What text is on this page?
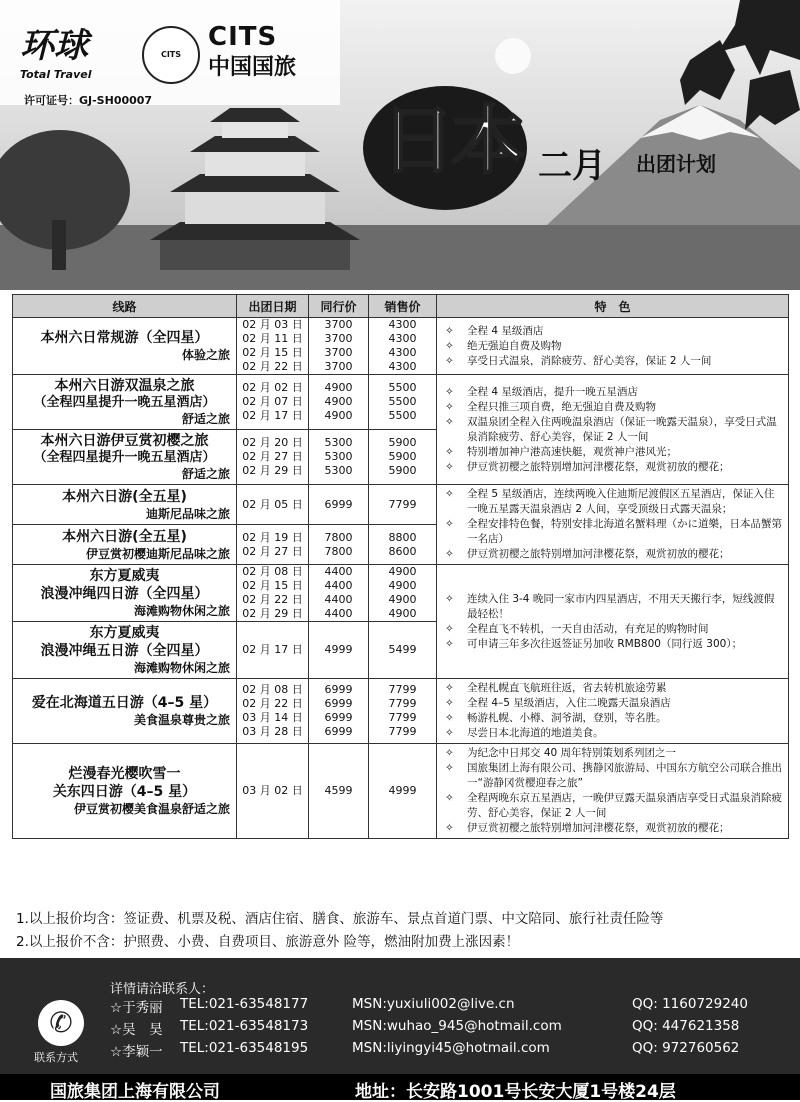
环球
Total Travel
CITS
CITS
中国国旅
许可证号：GJ-SH00007	日本 二月 出团计划
线路	出团日期	同行价	销售价	特　色

本州六日常规游（全四星）
体验之旅	02 月 03 日
02 月 11 日
02 月 15 日
02 月 22 日	3700
3700
3700
3700	4300
4300
4300
4300	✧ 全程 4 星级酒店
✧ 绝无强迫自费及购物
✧ 享受日式温泉，消除疲劳、舒心美容，保证 2 人一间

本州六日游双温泉之旅
（全程四星提升一晚五星酒店）
舒适之旅	02 月 02 日
02 月 07 日
02 月 17 日	4900
4900
4900	5500
5500
5500	✧ 全程 4 星级酒店，提升一晚五星酒店
✧ 全程只推三项自费，绝无强迫自费及购物
✧ 双温泉团全程入住两晚温泉酒店（保证一晚露天温泉），享受日式温泉消除疲劳、舒心美容，保证 2 人一间
✧ 特别增加神户港高速快艇，观赏神户港风光；
✧ 伊豆赏初樱之旅特别增加河津樱花祭，观赏初放的樱花；

本州六日游伊豆赏初樱之旅
（全程四星提升一晚五星酒店）
舒适之旅	02 月 20 日
02 月 27 日
02 月 29 日	5300
5300
5300	5900
5900
5900	

本州六日游(全五星)
迪斯尼品味之旅	02 月 05 日	6999	7799	✧ 全程 5 星级酒店，连续两晚入住迪斯尼渡假区五星酒店，保证入住一晚五星露天温泉酒店 2 人间，享受顶级日式露天温泉；
✧ 全程安排特色餐，特别安排北海道名蟹料理（かに道樂，日本品蟹第一名店）
✧ 伊豆赏初樱之旅特别增加河津樱花祭，观赏初放的樱花；

本州六日游(全五星)
伊豆赏初樱迪斯尼品味之旅	02 月 19 日
02 月 27 日	7800
7800	8800
8600	

东方夏威夷
浪漫冲绳四日游（全四星）
海滩购物休闲之旅	02 月 08 日
02 月 15 日
02 月 22 日
02 月 29 日	4400
4400
4400
4400	4900
4900
4900
4900	✧ 连续入住 3-4 晚同一家市内四星酒店，不用天天搬行李，短线渡假最轻松！
✧ 全程直飞不转机，一天自由活动，有充足的购物时间
✧ 可申请三年多次往返签证另加收 RMB800（同行返 300）；

东方夏威夷
浪漫冲绳五日游（全四星）
海滩购物休闲之旅	02 月 17 日	4999	5499	

爱在北海道五日游（4–5 星）
美食温泉尊贵之旅	02 月 08 日
02 月 22 日
03 月 14 日
03 月 28 日	6999
6999
6999
6999	7799
7799
7799
7799	✧ 全程札幌直飞航班往返，省去转机旅途劳累
✧ 全程 4–5 星级酒店，入住二晚露天温泉酒店
✧ 畅游札幌、小樽、洞爷湖，登别，等名胜。
✧ 尽尝日本北海道的地道美食。

烂漫春光樱吹雪一
关东四日游（4–5 星）
伊豆赏初樱美食温泉舒适之旅	03 月 02 日	4599	4999	✧ 为纪念中日邦交 40 周年特别策划系列团之一
✧ 国旅集团上海有限公司、携静冈旅游局、中国东方航空公司联合推出一“游静冈赏樱迎春之旅”
✧ 全程两晚东京五星酒店，一晚伊豆露天温泉酒店享受日式温泉消除疲劳、舒心美容，保证 2 人一间
✧ 伊豆赏初樱之旅特别增加河津樱花祭，观赏初放的樱花；
1.以上报价均含：签证费、机票及税、酒店住宿、膳食、旅游车、景点首道门票、中文陪同、旅行社责任险等
2.以上报价不含：护照费、小费、自费项目、旅游意外 险等，燃油附加费上涨因素！
详情请洽联系人：
✆
联系方式
☆于秀丽 TEL:021-63548177	MSN:yuxiuli002@live.cn	QQ: 1160729240
☆吴　昊 TEL:021-63548173	MSN:wuhao_945@hotmail.com	QQ: 447621358
☆李颖一 TEL:021-63548195	MSN:liyingyi45@hotmail.com	QQ: 972760562
国旅集团上海有限公司	地址：长安路1001号长安大厦1号楼24层
